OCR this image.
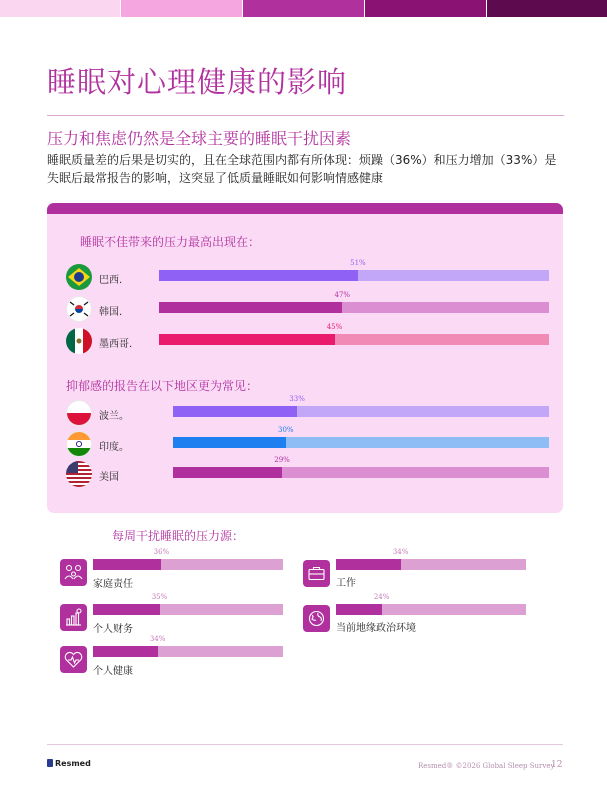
睡眠对心理健康的影响
压力和焦虑仍然是全球主要的睡眠干扰因素
睡眠质量差的后果是切实的，且在全球范围内都有所体现：烦躁（36%）和压力增加（33%）是失眠后最常报告的影响，这突显了低质量睡眠如何影响情感健康
睡眠不佳带来的压力最高出现在：
巴西.
51%
韩国.
47%
墨西哥.
45%
抑郁感的报告在以下地区更为常见：
波兰。
33%
印度。
30%
美国
29%
每周干扰睡眠的压力源：
家庭责任
36%
个人财务
35%
个人健康
34%
工作
34%
当前地缘政治环境
24%
Resmed	Resmed® ©2026 Global Sleep Survey
12
